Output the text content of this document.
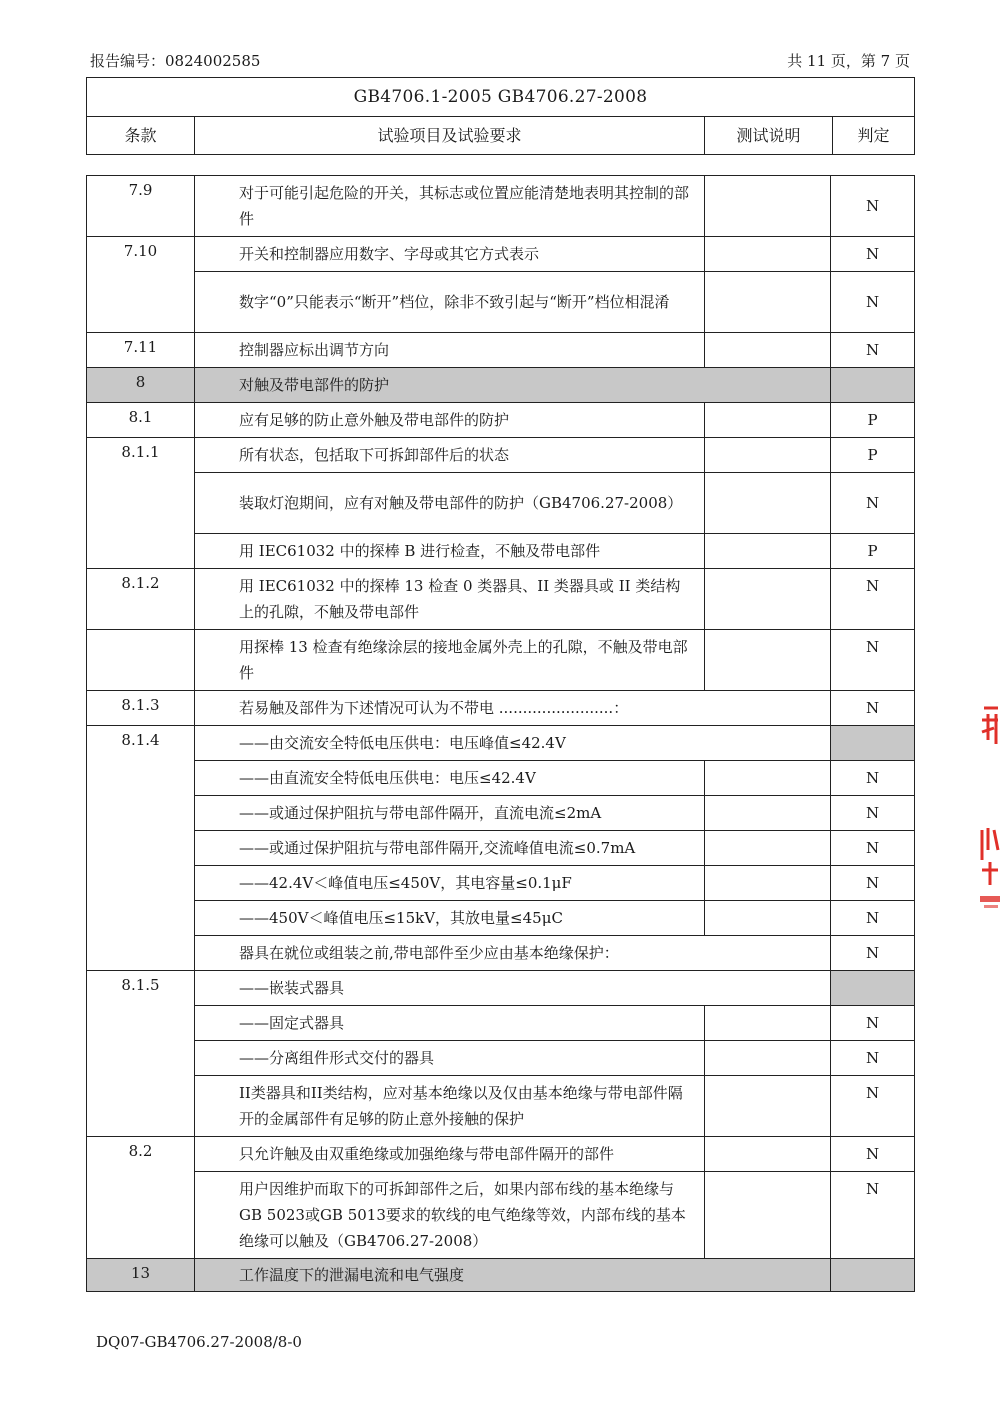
报告编号：0824002585	共 11 页，第 7 页
GB4706.1-2005 GB4706.27-2008
条款	试验项目及试验要求	测试说明	判定
7.9	对于可能引起危险的开关，其标志或位置应能清楚地表明其控制的部件		N
7.10	开关和控制器应用数字、字母或其它方式表示		N

	数字“0”只能表示“断开”档位，除非不致引起与“断开”档位相混淆		N
7.11	控制器应标出调节方向		N
8	对触及带电部件的防护		

8.1	应有足够的防止意外触及带电部件的防护		P
8.1.1	所有状态，包括取下可拆卸部件后的状态		P

	装取灯泡期间，应有对触及带电部件的防护（GB4706.27-2008）		N

	用 IEC61032 中的探棒 B 进行检查，不触及带电部件		P
8.1.2	用 IEC61032 中的探棒 13 检查 0 类器具、II 类器具或 II 类结构上的孔隙，不触及带电部件		N

	用探棒 13 检查有绝缘涂层的接地金属外壳上的孔隙，不触及带电部件		N
8.1.3	若易触及部件为下述情况可认为不带电 ........................：		N
8.1.4	——由交流安全特低电压供电：电压峰值≤42.4V		

	——由直流安全特低电压供电：电压≤42.4V		N

	——或通过保护阻抗与带电部件隔开，直流电流≤2mA		N

	——或通过保护阻抗与带电部件隔开,交流峰值电流≤0.7mA		N

	——42.4V＜峰值电压≤450V，其电容量≤0.1μF		N

	——450V＜峰值电压≤15kV，其放电量≤45μC		N

	器具在就位或组装之前,带电部件至少应由基本绝缘保护：		N
8.1.5	——嵌装式器具		

	——固定式器具		N

	——分离组件形式交付的器具		N

	II类器具和II类结构，应对基本绝缘以及仅由基本绝缘与带电部件隔开的金属部件有足够的防止意外接触的保护		N
8.2	只允许触及由双重绝缘或加强绝缘与带电部件隔开的部件		N

	用户因维护而取下的可拆卸部件之后，如果内部布线的基本绝缘与GB 5023或GB 5013要求的软线的电气绝缘等效，内部布线的基本绝缘可以触及（GB4706.27-2008）		N
13	工作温度下的泄漏电流和电气强度		

DQ07-GB4706.27-2008/8-0
